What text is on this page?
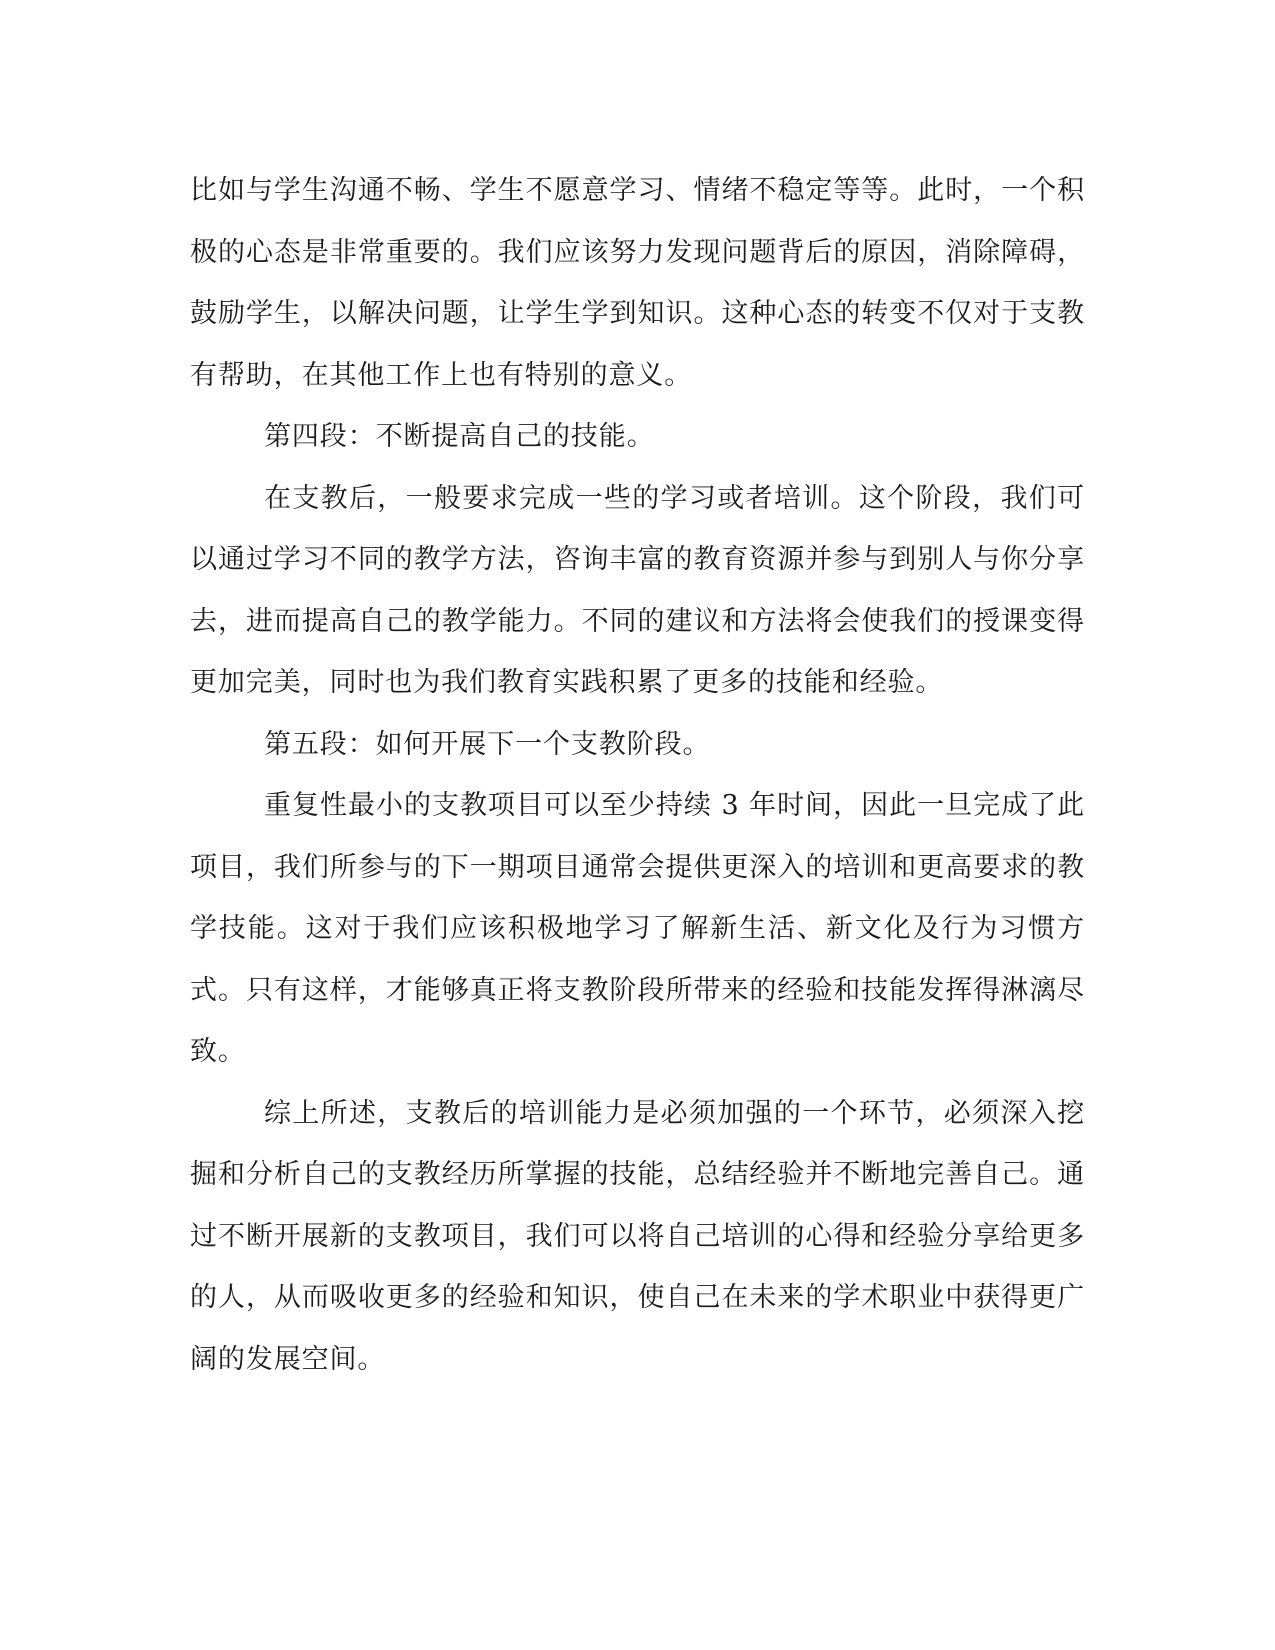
比如与学生沟通不畅、学生不愿意学习、情绪不稳定等等。此时，一个积极的心态是非常重要的。我们应该努力发现问题背后的原因，消除障碍，鼓励学生，以解决问题，让学生学到知识。这种心态的转变不仅对于支教有帮助，在其他工作上也有特别的意义。

第四段：不断提高自己的技能。

在支教后，一般要求完成一些的学习或者培训。这个阶段，我们可以通过学习不同的教学方法，咨询丰富的教育资源并参与到别人与你分享去，进而提高自己的教学能力。不同的建议和方法将会使我们的授课变得更加完美，同时也为我们教育实践积累了更多的技能和经验。

第五段：如何开展下一个支教阶段。

重复性最小的支教项目可以至少持续 3 年时间，因此一旦完成了此项目，我们所参与的下一期项目通常会提供更深入的培训和更高要求的教学技能。这对于我们应该积极地学习了解新生活、新文化及行为习惯方式。只有这样，才能够真正将支教阶段所带来的经验和技能发挥得淋漓尽致。

综上所述，支教后的培训能力是必须加强的一个环节，必须深入挖掘和分析自己的支教经历所掌握的技能，总结经验并不断地完善自己。通过不断开展新的支教项目，我们可以将自己培训的心得和经验分享给更多的人，从而吸收更多的经验和知识，使自己在未来的学术职业中获得更广阔的发展空间。
